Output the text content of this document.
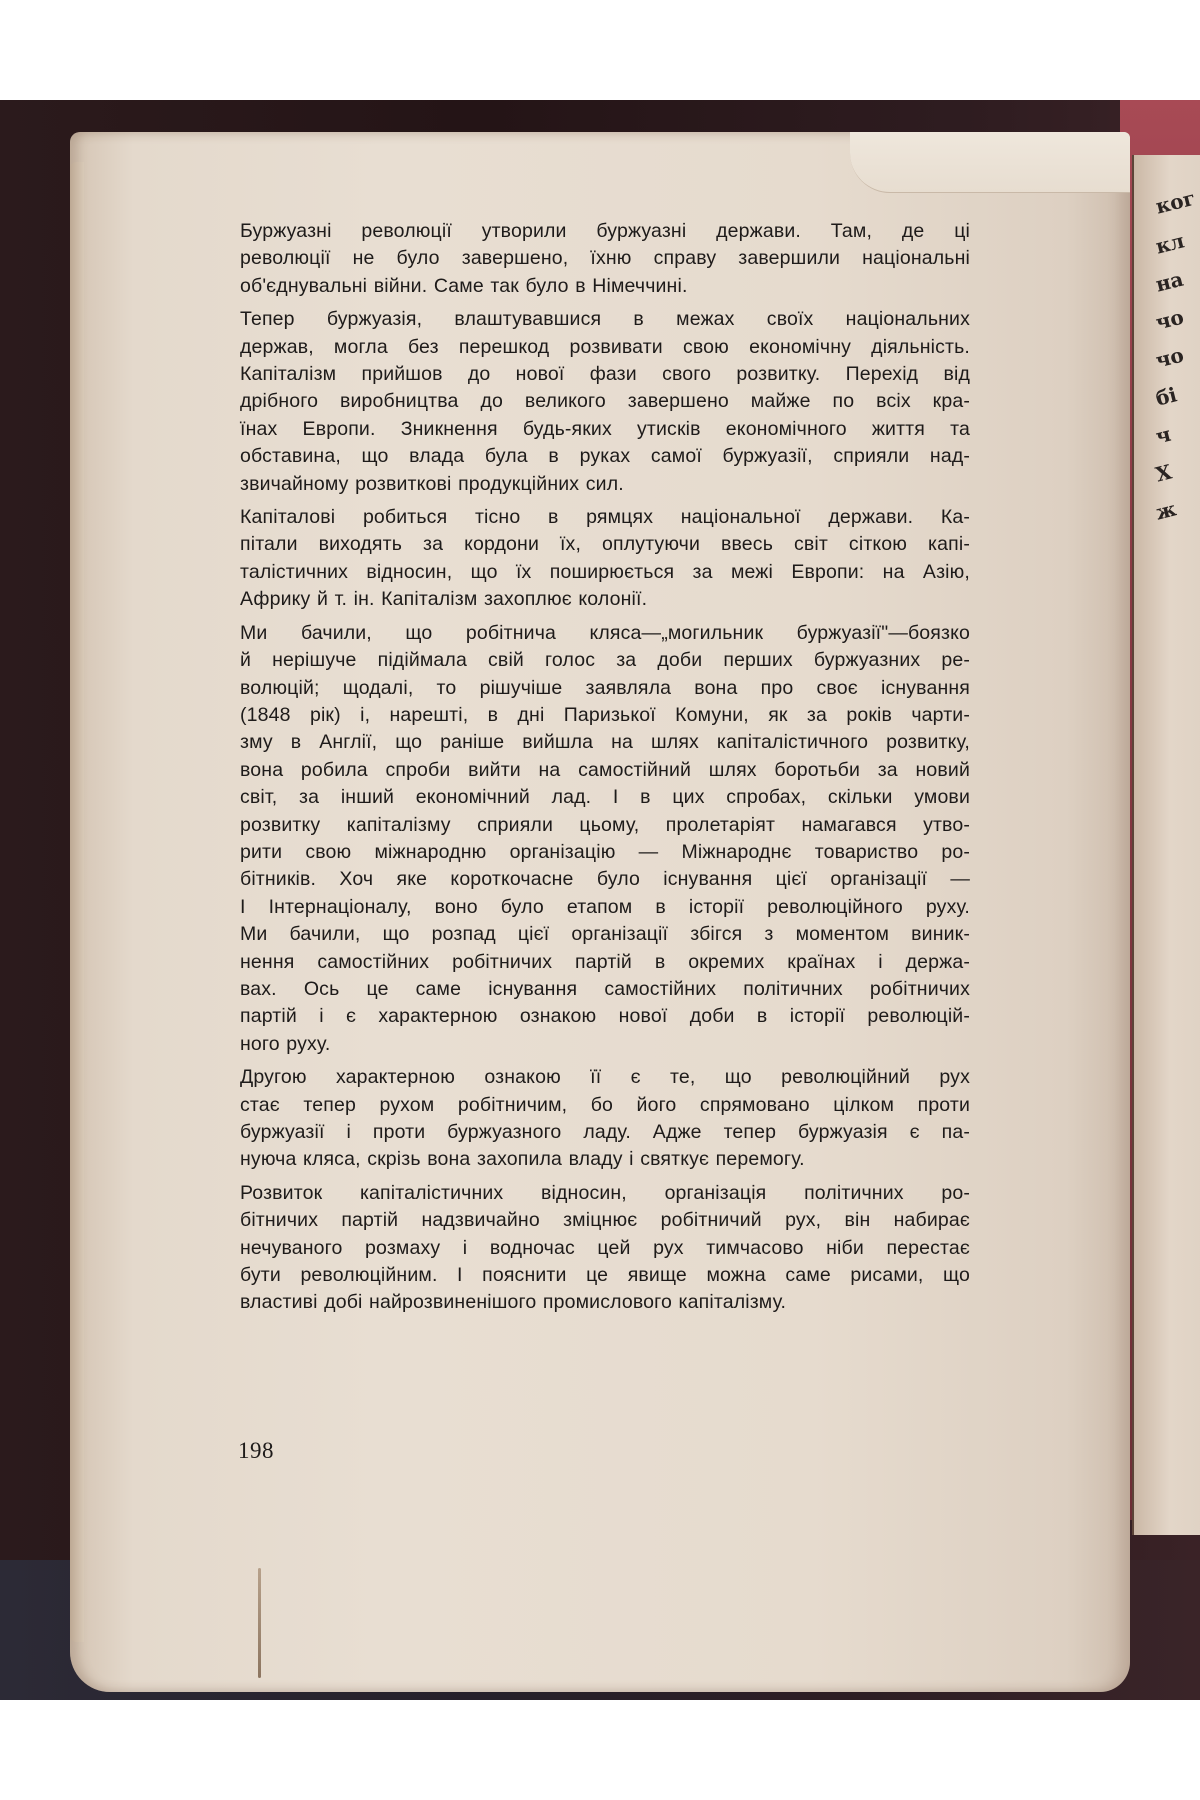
ког
кл
на
чо
чо
бі
ч
Х
ж

Буржуазні революції утворили буржуазні держави. Там, де ці
революції не було завершено, їхню справу завершили національні
об'єднувальні війни. Саме так було в Німеччині.

Тепер буржуазія, влаштувавшися в межах своїх національних
держав, могла без перешкод розвивати свою економічну діяльність.
Капіталізм прийшов до нової фази свого розвитку. Перехід від
дрібного виробництва до великого завершено майже по всіх кра-
їнах Европи. Зникнення будь-яких утисків економічного життя та
обставина, що влада була в руках самої буржуазії, сприяли над-
звичайному розвиткові продукційних сил.

Капіталові робиться тісно в рямцях національної держави. Ка-
пітали виходять за кордони їх, оплутуючи ввесь світ сіткою капі-
талістичних відносин, що їх поширюється за межі Европи: на Азію,
Африку й т. ін. Капіталізм захоплює колонії.

Ми бачили, що робітнича кляса—„могильник буржуазії"—боязко
й нерішуче підіймала свій голос за доби перших буржуазних ре-
волюцій; щодалі, то рішучіше заявляла вона про своє існування
(1848 рік) і, нарешті, в дні Паризької Комуни, як за років чарти-
зму в Англії, що раніше вийшла на шлях капіталістичного розвитку,
вона робила спроби вийти на самостійний шлях боротьби за новий
світ, за інший економічний лад. І в цих спробах, скільки умови
розвитку капіталізму сприяли цьому, пролетаріят намагався утво-
рити свою міжнародню організацію — Міжнароднє товариство ро-
бітників. Хоч яке короткочасне було існування цієї організації —
І Інтернаціоналу, воно було етапом в історії революційного руху.
Ми бачили, що розпад цієї організації збігся з моментом виник-
нення самостійних робітничих партій в окремих країнах і держа-
вах. Ось це саме існування самостійних політичних робітничих
партій і є характерною ознакою нової доби в історії революцій-
ного руху.

Другою характерною ознакою її є те, що революційний рух
стає тепер рухом робітничим, бо його спрямовано цілком проти
буржуазії і проти буржуазного ладу. Адже тепер буржуазія є па-
нуюча кляса, скрізь вона захопила владу і святкує перемогу.

Розвиток капіталістичних відносин, організація політичних ро-
бітничих партій надзвичайно зміцнює робітничий рух, він набирає
нечуваного розмаху і водночас цей рух тимчасово ніби перестає
бути революційним. І пояснити це явище можна саме рисами, що
властиві добі найрозвиненішого промислового капіталізму.

198
